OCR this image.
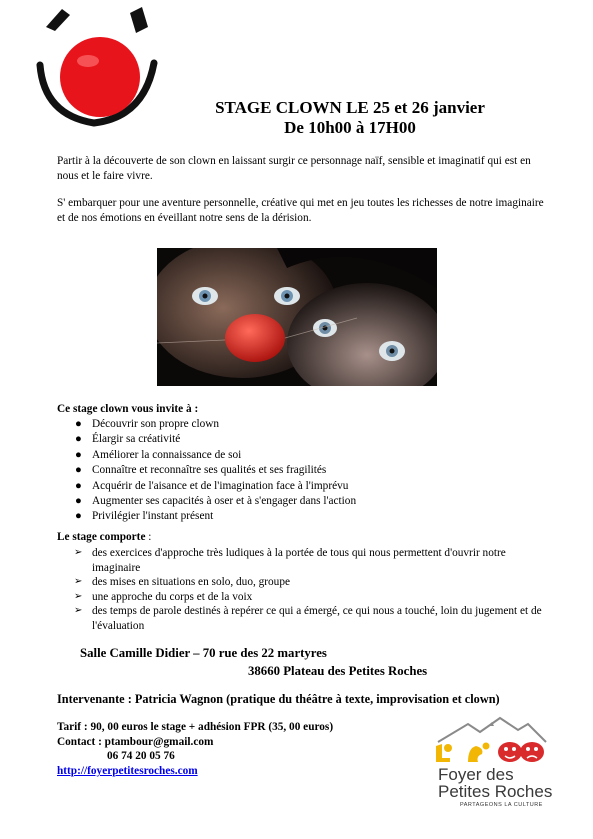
STAGE CLOWN LE 25 et 26 janvier
De 10h00 à 17H00

Partir à la découverte de son clown en laissant surgir ce personnage naïf, sensible et imaginatif qui est en nous et le faire vivre.

S' embarquer pour une aventure personnelle, créative qui met en jeu toutes les richesses de notre imaginaire et de nos émotions en éveillant notre sens de la dérision.

Ce stage clown vous invite à :

● Découvrir son propre clown
● Élargir sa créativité
● Améliorer la connaissance de soi
● Connaître et reconnaître ses qualités et ses fragilités
● Acquérir de l'aisance et de l'imagination face à l'imprévu
● Augmenter ses capacités à oser et à s'engager dans l'action
● Privilégier l'instant présent

Le stage comporte :

➢ des exercices d'approche très ludiques à la portée de tous qui nous permettent d'ouvrir notre imaginaire
➢ des mises en situations en solo, duo, groupe
➢ une approche du corps et de la voix
➢ des temps de parole destinés à repérer ce qui a émergé, ce qui nous a touché, loin du jugement et de l'évaluation
Salle Camille Didier – 70 rue des 22 martyres
38660 Plateau des Petites Roches
Intervenante : Patricia Wagnon (pratique du théâtre à texte, improvisation et clown)
Tarif : 90, 00 euros le stage + adhésion FPR (35, 00 euros)
Contact : ptambour@gmail.com
06 74 20 05 76
http://foyerpetitesroches.com	Foyer des
Petites Roches
PARTAGEONS LA CULTURE
